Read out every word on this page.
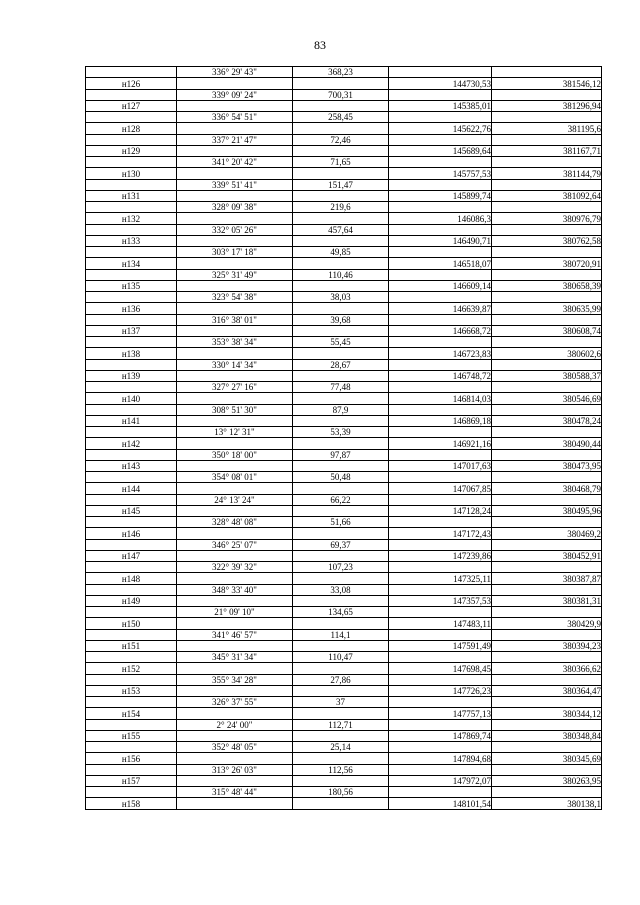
83
	336° 29' 43"	368,23		
н126			144730,53	381546,12
	339° 09' 24"	700,31		
н127			145385,01	381296,94
	336° 54' 51"	258,45		
н128			145622,76	381195,6
	337° 21' 47"	72,46		
н129			145689,64	381167,71
	341° 20' 42"	71,65		
н130			145757,53	381144,79
	339° 51' 41"	151,47		
н131			145899,74	381092,64
	328° 09' 38"	219,6		
н132			146086,3	380976,79
	332° 05' 26"	457,64		
н133			146490,71	380762,58
	303° 17' 18"	49,85		
н134			146518,07	380720,91
	325° 31' 49"	110,46		
н135			146609,14	380658,39
	323° 54' 38"	38,03		
н136			146639,87	380635,99
	316° 38' 01"	39,68		
н137			146668,72	380608,74
	353° 38' 34"	55,45		
н138			146723,83	380602,6
	330° 14' 34"	28,67		
н139			146748,72	380588,37
	327° 27' 16"	77,48		
н140			146814,03	380546,69
	308° 51' 30"	87,9		
н141			146869,18	380478,24
	13° 12' 31"	53,39		
н142			146921,16	380490,44
	350° 18' 00"	97,87		
н143			147017,63	380473,95
	354° 08' 01"	50,48		
н144			147067,85	380468,79
	24° 13' 24"	66,22		
н145			147128,24	380495,96
	328° 48' 08"	51,66		
н146			147172,43	380469,2
	346° 25' 07"	69,37		
н147			147239,86	380452,91
	322° 39' 32"	107,23		
н148			147325,11	380387,87
	348° 33' 40"	33,08		
н149			147357,53	380381,31
	21° 09' 10"	134,65		
н150			147483,11	380429,9
	341° 46' 57"	114,1		
н151			147591,49	380394,23
	345° 31' 34"	110,47		
н152			147698,45	380366,62
	355° 34' 28"	27,86		
н153			147726,23	380364,47
	326° 37' 55"	37		
н154			147757,13	380344,12
	2° 24' 00"	112,71		
н155			147869,74	380348,84
	352° 48' 05"	25,14		
н156			147894,68	380345,69
	313° 26' 03"	112,56		
н157			147972,07	380263,95
	315° 48' 44"	180,56		
н158			148101,54	380138,1
